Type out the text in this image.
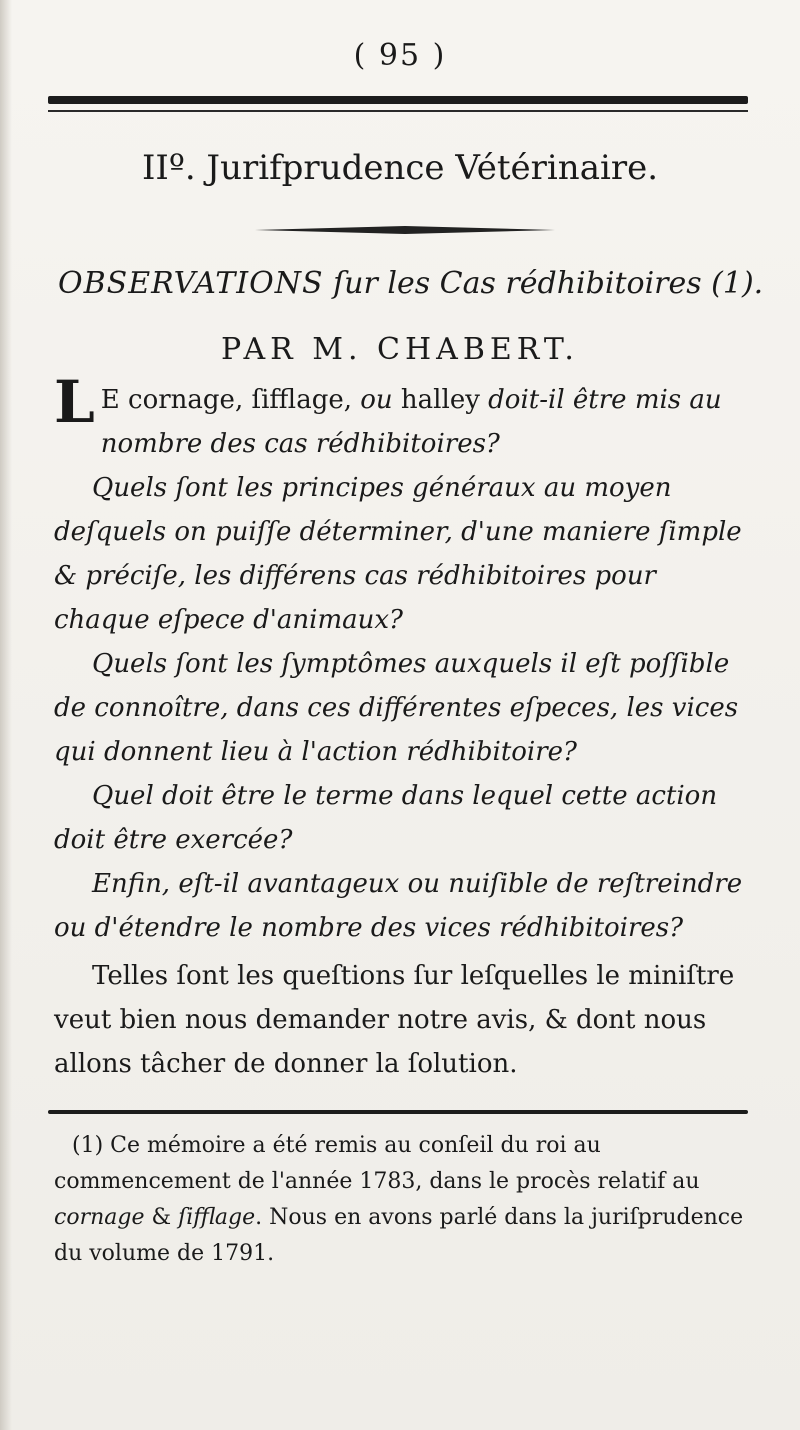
( 95 )
IIº. Jurifprudence Vétérinaire.
OBSERVATIONS ſur les Cas rédhibitoires (1).
PAR M. CHABERT.

L E cornage, ſifflage, ou halley doit-il être mis au nombre des cas rédhibitoires?

Quels ſont les principes généraux au moyen deſquels on puiſſe déterminer, d'une maniere ſimple & préciſe, les différens cas rédhibitoires pour chaque eſpece d'animaux?

Quels ſont les ſymptômes auxquels il eſt poſſible de connoître, dans ces différentes eſpeces, les vices qui donnent lieu à l'action rédhibitoire?

Quel doit être le terme dans lequel cette action doit être exercée?

Enfin, eſt-il avantageux ou nuiſible de reſtreindre ou d'étendre le nombre des vices rédhibitoires?

Telles ſont les queſtions ſur leſquelles le miniſtre veut bien nous demander notre avis, & dont nous allons tâcher de donner la ſolution.

(1) Ce mémoire a été remis au conſeil du roi au commencement de l'année 1783, dans le procès relatif au cornage & ſifflage. Nous en avons parlé dans la juriſprudence du volume de 1791.
